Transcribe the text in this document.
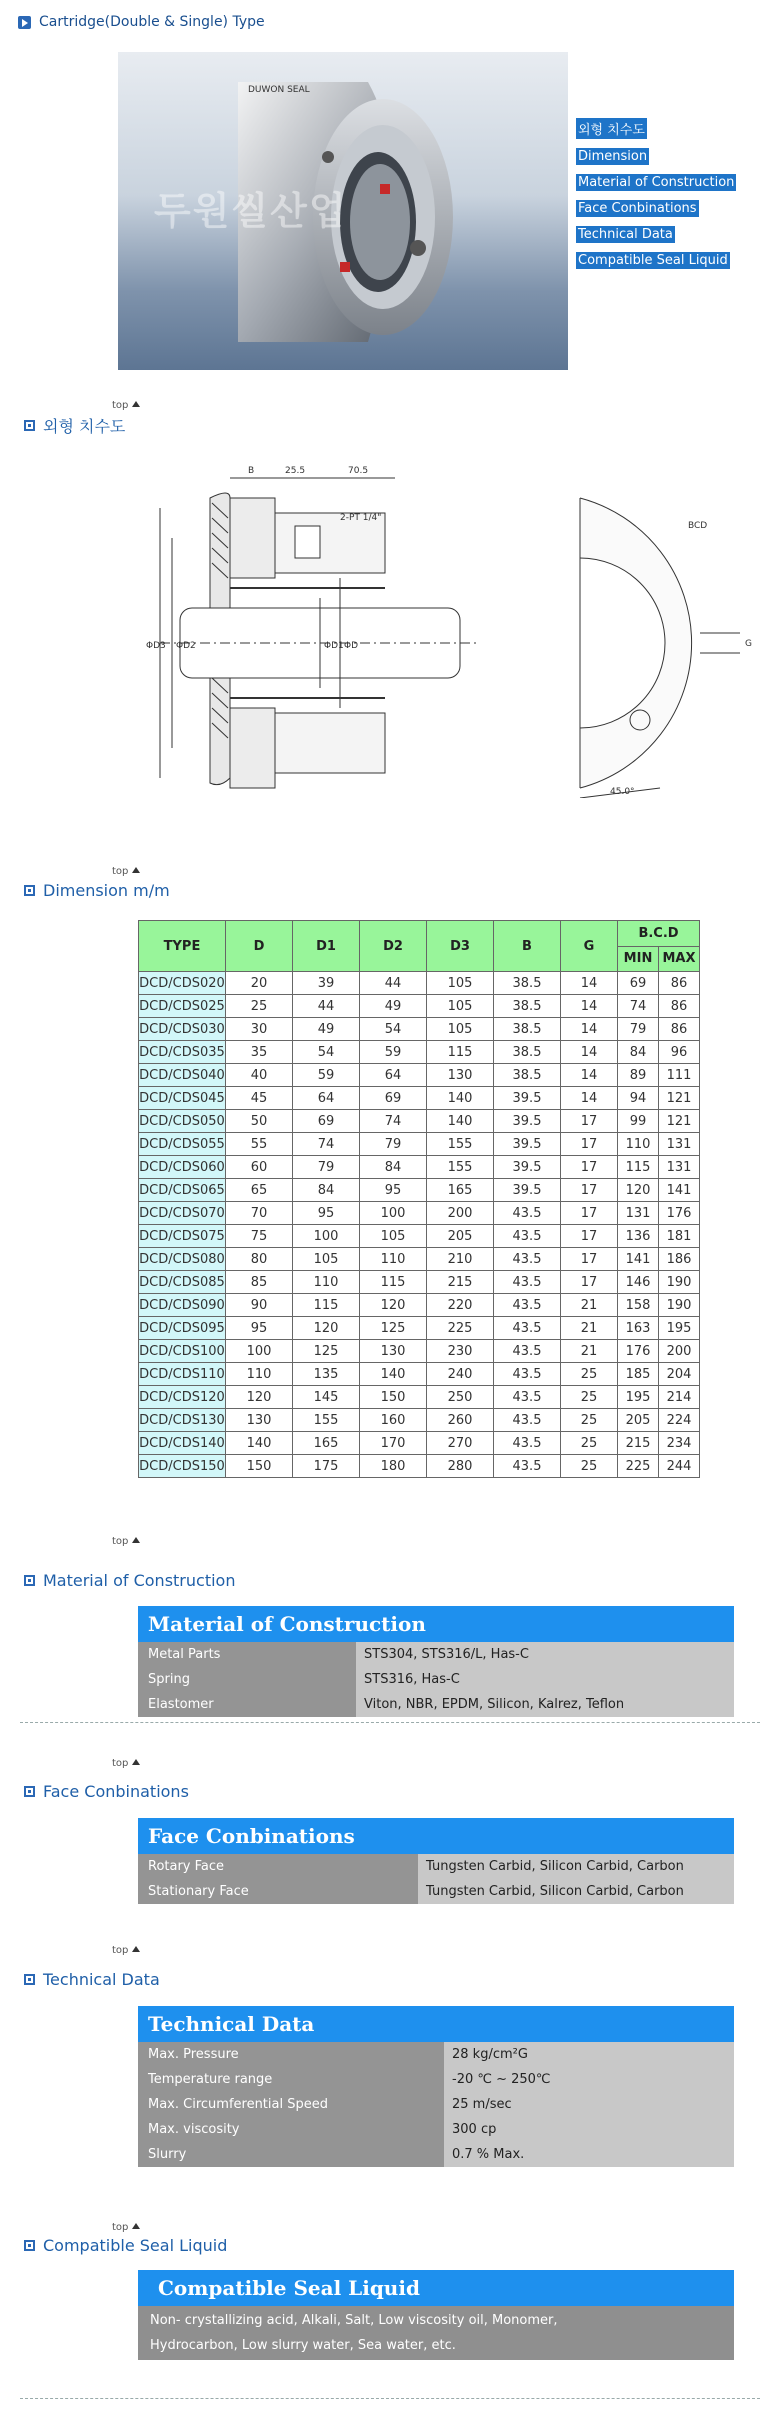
Cartridge(Double & Single) Type
DUWON SEAL
두원씰산업
외형 치수도
Dimension
Material of Construction
Face Conbinations
Technical Data
Compatible Seal Liquid
top
외형 치수도
B	25.5	70.5
2-PT 1/4"
ΦD3 ΦD2	ΦD1 ΦD
BCD
G
45.0°
top
Dimension m/m
TYPE	D	D1	D2	D3	B	G	B.C.D	
							MIN	MAX
DCD/CDS020	20	39	44	105	38.5	14	69	86
DCD/CDS025	25	44	49	105	38.5	14	74	86
DCD/CDS030	30	49	54	105	38.5	14	79	86
DCD/CDS035	35	54	59	115	38.5	14	84	96
DCD/CDS040	40	59	64	130	38.5	14	89	111
DCD/CDS045	45	64	69	140	39.5	14	94	121
DCD/CDS050	50	69	74	140	39.5	17	99	121
DCD/CDS055	55	74	79	155	39.5	17	110	131
DCD/CDS060	60	79	84	155	39.5	17	115	131
DCD/CDS065	65	84	95	165	39.5	17	120	141
DCD/CDS070	70	95	100	200	43.5	17	131	176
DCD/CDS075	75	100	105	205	43.5	17	136	181
DCD/CDS080	80	105	110	210	43.5	17	141	186
DCD/CDS085	85	110	115	215	43.5	17	146	190
DCD/CDS090	90	115	120	220	43.5	21	158	190
DCD/CDS095	95	120	125	225	43.5	21	163	195
DCD/CDS100	100	125	130	230	43.5	21	176	200
DCD/CDS110	110	135	140	240	43.5	25	185	204
DCD/CDS120	120	145	150	250	43.5	25	195	214
DCD/CDS130	130	155	160	260	43.5	25	205	224
DCD/CDS140	140	165	170	270	43.5	25	215	234
DCD/CDS150	150	175	180	280	43.5	25	225	244
top
Material of Construction
Material of Construction
Metal Parts	STS304, STS316/L, Has-C
Spring	STS316, Has-C
Elastomer	Viton, NBR, EPDM, Silicon, Kalrez, Teflon
top
Face Conbinations
Face Conbinations
Rotary Face	Tungsten Carbid, Silicon Carbid, Carbon
Stationary Face	Tungsten Carbid, Silicon Carbid, Carbon
top
Technical Data
Technical Data
Max. Pressure	28 kg/cm²G
Temperature range	-20 ℃ ~ 250℃
Max. Circumferential Speed	25 m/sec
Max. viscosity	300 cp
Slurry	0.7 % Max.
top
Compatible Seal Liquid
Compatible Seal Liquid
Non- crystallizing acid, Alkali, Salt, Low viscosity oil, Monomer,
Hydrocarbon, Low slurry water, Sea water, etc.
